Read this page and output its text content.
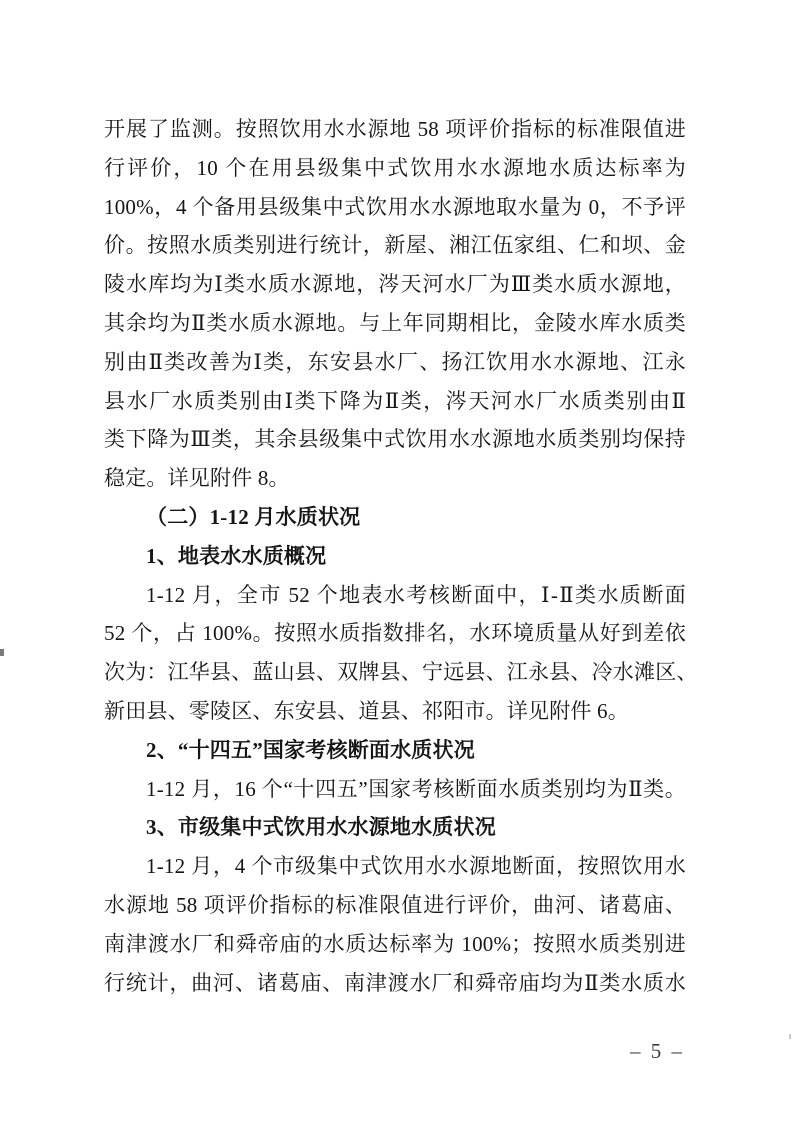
开展了监测。按照饮用水水源地 58 项评价指标的标准限值进
行评价，10 个在用县级集中式饮用水水源地水质达标率为
100%，4 个备用县级集中式饮用水水源地取水量为 0，不予评
价。按照水质类别进行统计，新屋、湘江伍家组、仁和坝、金
陵水库均为Ⅰ类水质水源地，涔天河水厂为Ⅲ类水质水源地，
其余均为Ⅱ类水质水源地。与上年同期相比，金陵水库水质类
别由Ⅱ类改善为Ⅰ类，东安县水厂、扬江饮用水水源地、江永
县水厂水质类别由Ⅰ类下降为Ⅱ类，涔天河水厂水质类别由Ⅱ
类下降为Ⅲ类，其余县级集中式饮用水水源地水质类别均保持
稳定。详见附件 8。
（二）1-12 月水质状况
1、地表水水质概况
1-12 月，全市 52 个地表水考核断面中，Ⅰ-Ⅱ类水质断面
52 个，占 100%。按照水质指数排名，水环境质量从好到差依
次为：江华县、蓝山县、双牌县、宁远县、江永县、冷水滩区、
新田县、零陵区、东安县、道县、祁阳市。详见附件 6。
2、“十四五”国家考核断面水质状况
1-12 月，16 个“十四五”国家考核断面水质类别均为Ⅱ类。
3、市级集中式饮用水水源地水质状况
1-12 月，4 个市级集中式饮用水水源地断面，按照饮用水
水源地 58 项评价指标的标准限值进行评价，曲河、诸葛庙、
南津渡水厂和舜帝庙的水质达标率为 100%；按照水质类别进
行统计，曲河、诸葛庙、南津渡水厂和舜帝庙均为Ⅱ类水质水
– 5 –
